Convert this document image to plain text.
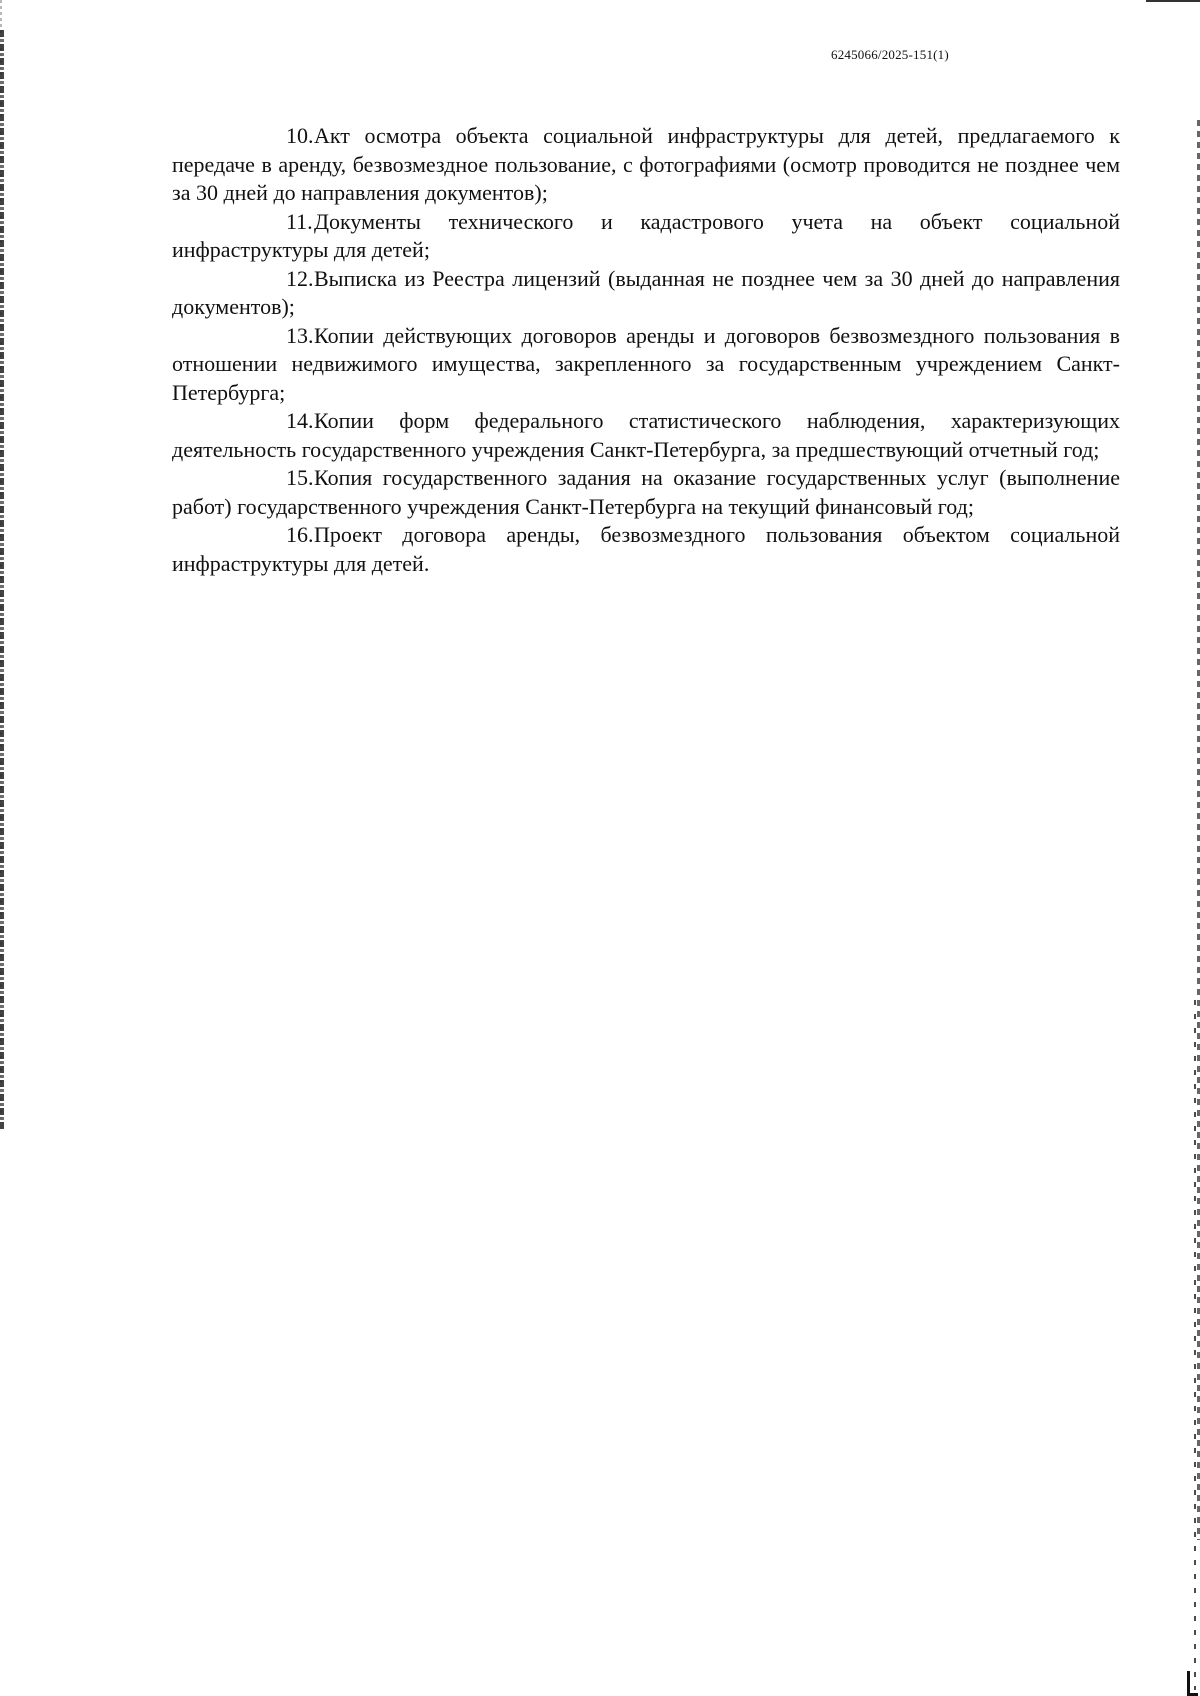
6245066/2025-151(1)

10.Акт осмотра объекта социальной инфраструктуры для детей, предлагаемого к передаче в аренду, безвозмездное пользование, с фотографиями (осмотр проводится не позднее чем за 30 дней до направления документов);

11.Документы технического и кадастрового учета на объект социальной инфраструктуры для детей;

12.Выписка из Реестра лицензий (выданная не позднее чем за 30 дней до направления документов);

13.Копии действующих договоров аренды и договоров безвозмездного пользования в отношении недвижимого имущества, закрепленного за государственным учреждением Санкт-Петербурга;

14.Копии форм федерального статистического наблюдения, характеризующих деятельность государственного учреждения Санкт-Петербурга, за предшествующий отчетный год;

15.Копия государственного задания на оказание государственных услуг (выполнение работ) государственного учреждения Санкт-Петербурга на текущий финансовый год;

16.Проект договора аренды, безвозмездного пользования объектом социальной инфраструктуры для детей.
